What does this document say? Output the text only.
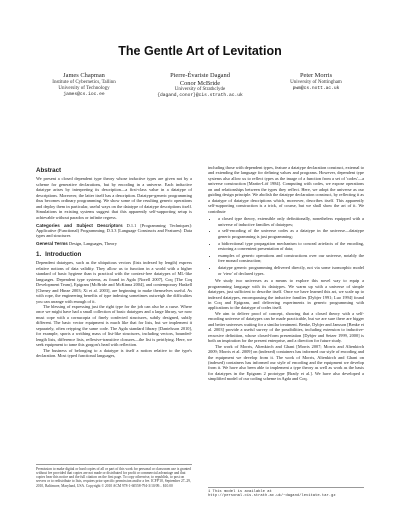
The Gentle Art of Levitation
James Chapman
Institute of Cybernetics, Tallinn
University of Technology
james@cs.ioc.ee
Pierre-Évariste Dagand
Conor McBride
University of Strathclyde
{dagand,conor}@cis.strath.ac.uk
Peter Morris
University of Nottingham
pwm@cs.nott.ac.uk
Abstract

We present a closed dependent type theory whose inductive types are given not by a scheme for generative declarations, but by encoding in a universe. Each inductive datatype arises by interpreting its description—a first-class value in a datatype of descriptions. Moreover, the latter itself has a description. Datatype-generic programming thus becomes ordinary programming. We show some of the resulting generic operations and deploy them in particular, useful ways on the datatype of datatype descriptions itself. Simulations in existing systems suggest that this apparently self-supporting setup is achievable without paradox or infinite regress.

Categories and Subject Descriptors D.1.1 [Programming Techniques]: Applicative (Functional) Programming; D.3.3 [Language Constructs and Features]: Data types and structures

General Terms Design, Languages, Theory

1. Introduction

Dependent datatypes, such as the ubiquitous vectors (lists indexed by length) express relative notions of data validity. They allow us to function in a world with a higher standard of basic hygiene than is practical with the context-free datatypes of ML-like languages. Dependent type systems, as found in Agda [Norell 2007], Coq [The Coq Development Team], Epigram [McBride and McKinna 2004], and contemporary Haskell [Cheney and Hinze 2003; Xi et al. 2003], are beginning to make themselves useful. As with rope, the engineering benefits of type indexing sometimes outweigh the difficulties you can arrange with enough of it.

The blessing of expressing just the right type for the job can also be a curse. Where once we might have had a small collection of basic datatypes and a large library, we now must cope with a cornucopia of finely confected structures, subtly designed, subtly different. The basic vector equipment is much like that for lists, but we implement it separately, often retyping the same code. The Agda standard library [Danielsson 2010], for example, sports a writhing mass of list-like structures, including vectors, bounded-length lists, difference lists, reflexive-transitive closures—the list is petrifying. Here, we seek equipment to tame this gorgon's head with reflection.

The business of belonging to a datatype is itself a notion relative to the type's declaration. Most typed functional languages,

including those with dependent types, feature a datatype declaration construct, external to and extending the language for defining values and programs. However, dependent type systems also allow us to reflect types as the image of a function from a set of 'codes'—a universe construction [Martin-Löf 1984]. Computing with codes, we expose operations on and relationships between the types they reflect. Here, we adopt the universe as our guiding design principle. We abolish the datatype declaration construct, by reflecting it as a datatype of datatype descriptions which, moreover, describes itself. This apparently self-supporting construction is a trick, of course, but we shall show the art of it. We contribute

• a closed type theory, extensible only definitionally, nonetheless equipped with a universe of inductive families of datatypes;
• a self-encoding of the universe codes as a datatype in the universe—datatype generic programming is just programming;
• a bidirectional type propagation mechanism to conceal artefacts of the encoding, restoring a convenient presentation of data;
• examples of generic operations and constructions over our universe, notably the free monad construction;
• datatype generic programming delivered directly, not via some isomorphic model or 'view' of declared types.

We study two universes as a means to explore this novel way to equip a programming language with its datatypes. We warm up with a universe of simple datatypes, just sufficient to describe itself. Once we have learned this art, we scale up to indexed datatypes, encompassing the inductive families [Dybjer 1991; Luo 1994] found in Coq and Epigram, and delivering experiments in generic programming with applications to the datatype of codes itself.

We aim to deliver proof of concept, showing that a closed theory with a self-encoding universe of datatypes can be made practicable, but we are sure there are bigger and better universes waiting for a similar treatment. Benke, Dybjer and Jansson [Benke et al. 2003] provide a useful survey of the possibilities, including extension to inductive-recursive definition, whose closed-form presentation [Dybjer and Setzer 1999, 2000] is both an inspiration for the present enterprise, and a direction for future study.

The work of Morris, Altenkirch and Ghani [Morris 2007; Morris and Altenkirch 2009; Morris et al. 2009] on (indexed) containers has informed our style of encoding and the equipment we develop from it. The work of Morris, Altenkirch and Ghani on (indexed) containers has informed our style of encoding and the equipment we develop from it. We have also been able to implement a type theory as well as work as the basis for datatypes in the Epigram 2 prototype [Brady et al.]. We have also developed a simplified model of our coding scheme in Agda and Coq.

Permission to make digital or hard copies of all or part of this work for personal or classroom use is granted without fee provided that copies are not made or distributed for profit or commercial advantage and that copies bear this notice and the full citation on the first page. To copy otherwise, to republish, to post on servers or to redistribute to lists, requires prior specific permission and/or a fee. ICFP'10, September 27–29, 2010, Baltimore, Maryland, USA. Copyright © 2010 ACM 978-1-60558-794-3/10/09... $10.00
1 This model is available at http://personal.cis.strath.ac.uk/~dagand/levitate.tar.gz
